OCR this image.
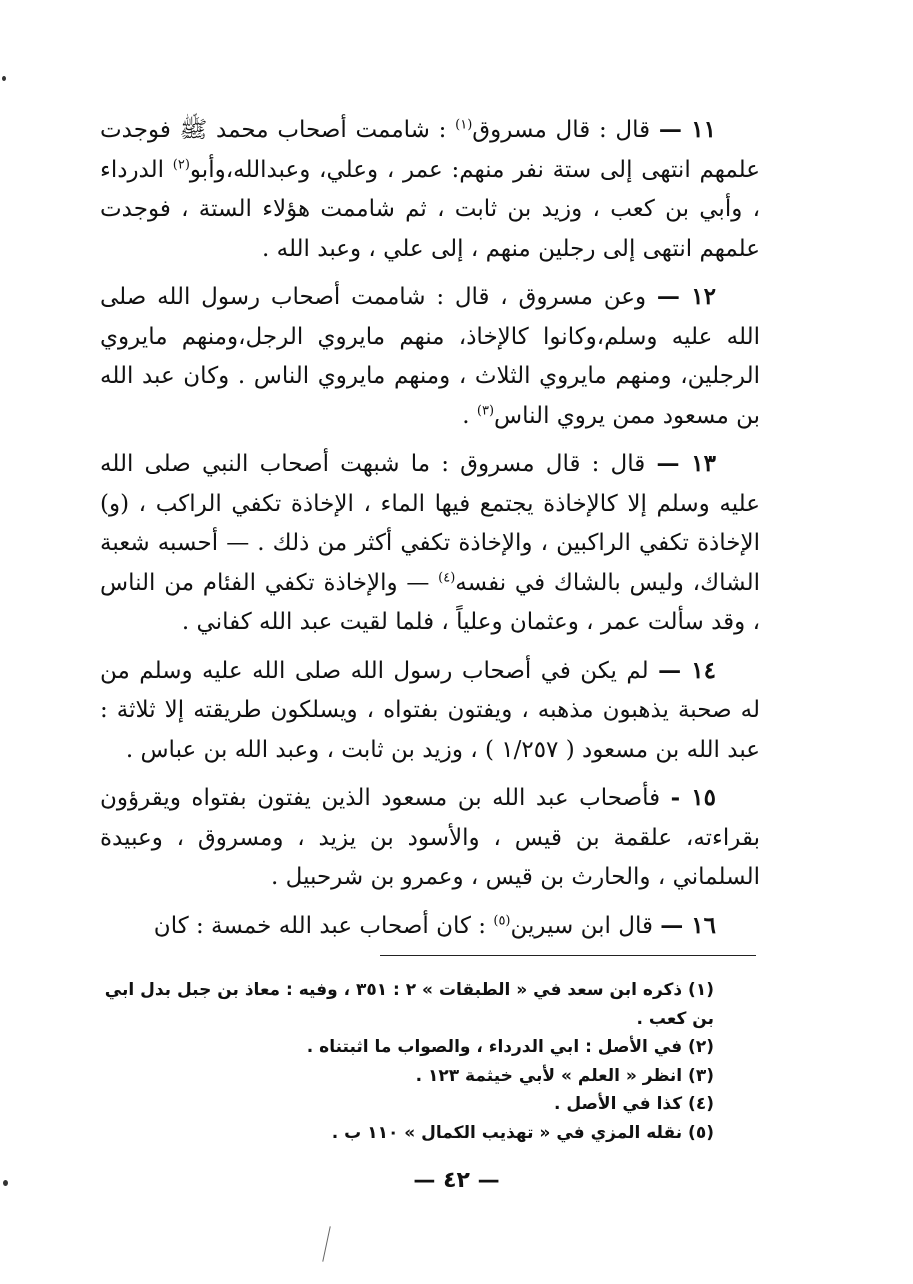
١١ — قال : قال مسروق$^{(١)}$ : شاممت أصحاب محمد ﷺ فوجدت علمهم انتهى إلى ستة نفر منهم: عمر ، وعلي، وعبدالله،وأبو$^{(٢)}$ الدرداء ، وأبي بن كعب ، وزيد بن ثابت ، ثم شاممت هؤلاء الستة ، فوجدت علمهم انتهى إلى رجلين منهم ، إلى علي ، وعبد الله .

١٢ — وعن مسروق ، قال : شاممت أصحاب رسول الله صلى الله عليه وسلم،وكانوا كالإخاذ، منهم مايروي الرجل،ومنهم مايروي الرجلين، ومنهم مايروي الثلاث ، ومنهم مايروي الناس . وكان عبد الله بن مسعود ممن يروي الناس$^{(٣)}$ .

١٣ — قال : قال مسروق : ما شبهت أصحاب النبي صلى الله عليه وسلم إلا كالإخاذة يجتمع فيها الماء ، الإخاذة تكفي الراكب ، (و) الإخاذة تكفي الراكبين ، والإخاذة تكفي أكثر من ذلك . — أحسبه شعبة الشاك، وليس بالشاك في نفسه$^{(٤)}$ — والإخاذة تكفي الفئام من الناس ، وقد سألت عمر ، وعثمان وعلياً ، فلما لقيت عبد الله كفاني .

١٤ — لم يكن في أصحاب رسول الله صلى الله عليه وسلم من له صحبة يذهبون مذهبه ، ويفتون بفتواه ، ويسلكون طريقته إلا ثلاثة : عبد الله بن مسعود ( ١/٢٥٧ ) ، وزيد بن ثابت ، وعبد الله بن عباس .

١٥ - فأصحاب عبد الله بن مسعود الذين يفتون بفتواه ويقرؤون بقراءته، علقمة بن قيس ، والأسود بن يزيد ، ومسروق ، وعبيدة السلماني ، والحارث بن قيس ، وعمرو بن شرحبيل .

١٦ — قال ابن سيرين$^{(٥)}$ : كان أصحاب عبد الله خمسة : كان

(١) ذكره ابن سعد في « الطبقات » ٢ : ٣٥١ ، وفيه : معاذ بن جبل بدل ابي بن كعب .

(٢) في الأصل : ابي الدرداء ، والصواب ما اثبتناه .

(٣) انظر « العلم » لأبي خيثمة ١٢٣ .

(٤) كذا في الأصل .

(٥) نقله المزي في « تهذيب الكمال » ١١٠ ب .

— ٤٢ —
